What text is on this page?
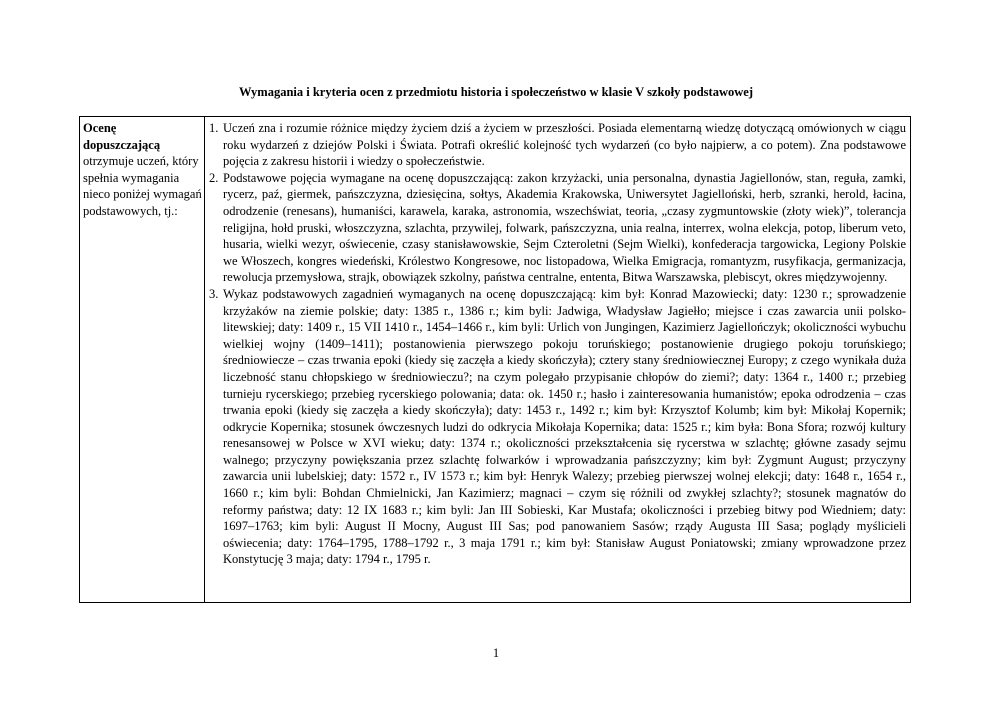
Wymagania i kryteria ocen z przedmiotu historia i społeczeństwo w klasie V szkoły podstawowej
Ocenę
dopuszczającą
otrzymuje uczeń, który spełnia wymagania nieco poniżej wymagań podstawowych, tj.:
1. Uczeń zna i rozumie różnice między życiem dziś a życiem w przeszłości. Posiada elementarną wiedzę dotyczącą omówionych w ciągu roku wydarzeń z dziejów Polski i Świata. Potrafi określić kolejność tych wydarzeń (co było najpierw, a co potem). Zna podstawowe pojęcia z zakresu historii i wiedzy o społeczeństwie.
2. Podstawowe pojęcia wymagane na ocenę dopuszczającą: zakon krzyżacki, unia personalna, dynastia Jagiellonów, stan, reguła, zamki, rycerz, paź, giermek, pańszczyzna, dziesięcina, sołtys, Akademia Krakowska, Uniwersytet Jagielloński, herb, szranki, herold, łacina, odrodzenie (renesans), humaniści, karawela, karaka, astronomia, wszechświat, teoria, „czasy zygmuntowskie (złoty wiek)”, tolerancja religijna, hołd pruski, włoszczyzna, szlachta, przywilej, folwark, pańszczyzna, unia realna, interrex, wolna elekcja, potop, liberum veto, husaria, wielki wezyr, oświecenie, czasy stanisławowskie, Sejm Czteroletni (Sejm Wielki), konfederacja targowicka, Legiony Polskie we Włoszech, kongres wiedeński, Królestwo Kongresowe, noc listopadowa, Wielka Emigracja, romantyzm, rusyfikacja, germanizacja, rewolucja przemysłowa, strajk, obowiązek szkolny, państwa centralne, ententa, Bitwa Warszawska, plebiscyt, okres międzywojenny.
3. Wykaz podstawowych zagadnień wymaganych na ocenę dopuszczającą: kim był: Konrad Mazowiecki; daty: 1230 r.; sprowadzenie krzyżaków na ziemie polskie; daty: 1385 r., 1386 r.; kim byli: Jadwiga, Władysław Jagiełło; miejsce i czas zawarcia unii polsko-litewskiej; daty: 1409 r., 15 VII 1410 r., 1454–1466 r., kim byli: Urlich von Jungingen, Kazimierz Jagiellończyk; okoliczności wybuchu wielkiej wojny (1409–1411); postanowienia pierwszego pokoju toruńskiego; postanowienie drugiego pokoju toruńskiego; średniowiecze – czas trwania epoki (kiedy się zaczęła a kiedy skończyła); cztery stany średniowiecznej Europy; z czego wynikała duża liczebność stanu chłopskiego w średniowieczu?; na czym polegało przypisanie chłopów do ziemi?; daty: 1364 r., 1400 r.; przebieg turnieju rycerskiego; przebieg rycerskiego polowania; data: ok. 1450 r.; hasło i zainteresowania humanistów; epoka odrodzenia – czas trwania epoki (kiedy się zaczęła a kiedy skończyła); daty: 1453 r., 1492 r.; kim był: Krzysztof Kolumb; kim był: Mikołaj Kopernik; odkrycie Kopernika; stosunek ówczesnych ludzi do odkrycia Mikołaja Kopernika; data: 1525 r.; kim była: Bona Sfora; rozwój kultury renesansowej w Polsce w XVI wieku; daty: 1374 r.; okoliczności przekształcenia się rycerstwa w szlachtę; główne zasady sejmu walnego; przyczyny powiększania przez szlachtę folwarków i wprowadzania pańszczyzny; kim był: Zygmunt August; przyczyny zawarcia unii lubelskiej; daty: 1572 r., IV 1573 r.; kim był: Henryk Walezy; przebieg pierwszej wolnej elekcji; daty: 1648 r., 1654 r., 1660 r.; kim byli: Bohdan Chmielnicki, Jan Kazimierz; magnaci – czym się różnili od zwykłej szlachty?; stosunek magnatów do reformy państwa; daty: 12 IX 1683 r.; kim byli: Jan III Sobieski, Kar Mustafa; okoliczności i przebieg bitwy pod Wiedniem; daty: 1697–1763; kim byli: August II Mocny, August III Sas; pod panowaniem Sasów; rządy Augusta III Sasa; poglądy myślicieli oświecenia; daty: 1764–1795, 1788–1792 r., 3 maja 1791 r.; kim był: Stanisław August Poniatowski; zmiany wprowadzone przez Konstytucję 3 maja; daty: 1794 r., 1795 r.
1
